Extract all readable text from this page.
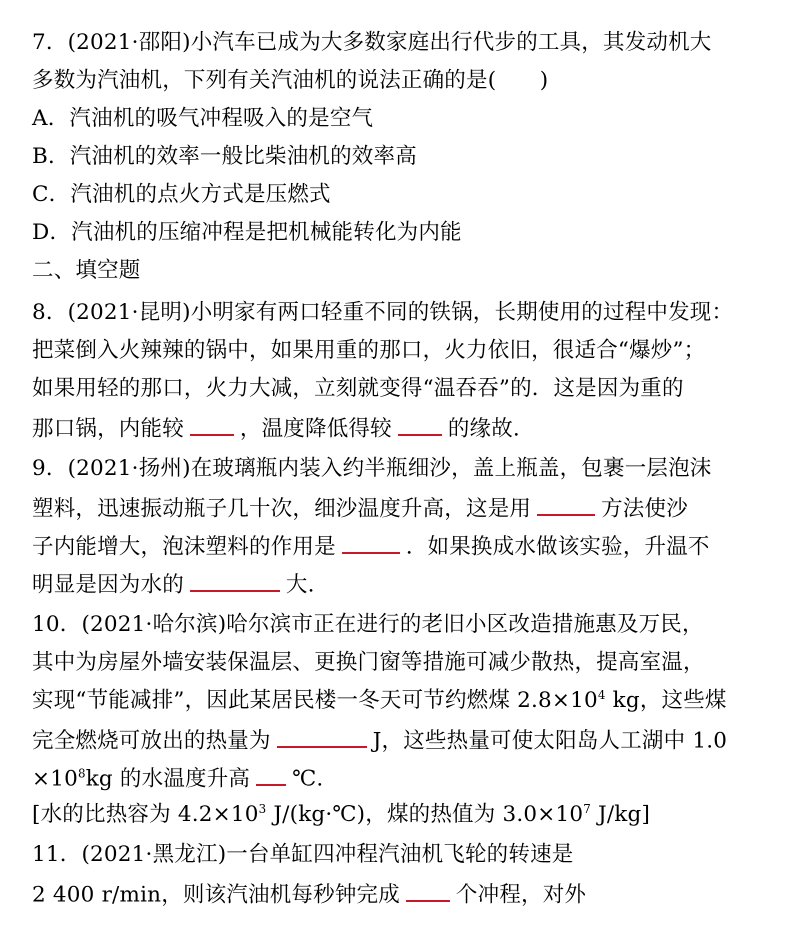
7．(2021·邵阳)小汽车已成为大多数家庭出行代步的工具，其发动机大
多数为汽油机，下列有关汽油机的说法正确的是(　　)
A．汽油机的吸气冲程吸入的是空气
B．汽油机的效率一般比柴油机的效率高
C．汽油机的点火方式是压燃式
D．汽油机的压缩冲程是把机械能转化为内能
二、填空题
8．(2021·昆明)小明家有两口轻重不同的铁锅，长期使用的过程中发现：
把菜倒入火辣辣的锅中，如果用重的那口，火力依旧，很适合“爆炒”；
如果用轻的那口，火力大减，立刻就变得“温吞吞”的．这是因为重的
那口锅，内能较	，温度降低得较	的缘故.
9．(2021·扬州)在玻璃瓶内装入约半瓶细沙，盖上瓶盖，包裹一层泡沫
塑料，迅速振动瓶子几十次，细沙温度升高，这是用	方法使沙
子内能增大，泡沫塑料的作用是	．如果换成水做该实验，升温不
明显是因为水的	大.
10．(2021·哈尔滨)哈尔滨市正在进行的老旧小区改造措施惠及万民，
其中为房屋外墙安装保温层、更换门窗等措施可减少散热，提高室温，
实现“节能减排”，因此某居民楼一冬天可节约燃煤 $2.8\times 10^4$ kg，这些煤
完全燃烧可放出的热量为	J，这些热量可使太阳岛人工湖中 1.0
$\times 10^8kg$ 的水温度升高 ℃.
[水的比热容为 $4.2\times 10^3$ J/(kg·℃)，煤的热值为 $3.0\times 10^7$ J/kg]
11．(2021·黑龙江)一台单缸四冲程汽油机飞轮的转速是
2 400 r/min，则该汽油机每秒钟完成	个冲程，对外
